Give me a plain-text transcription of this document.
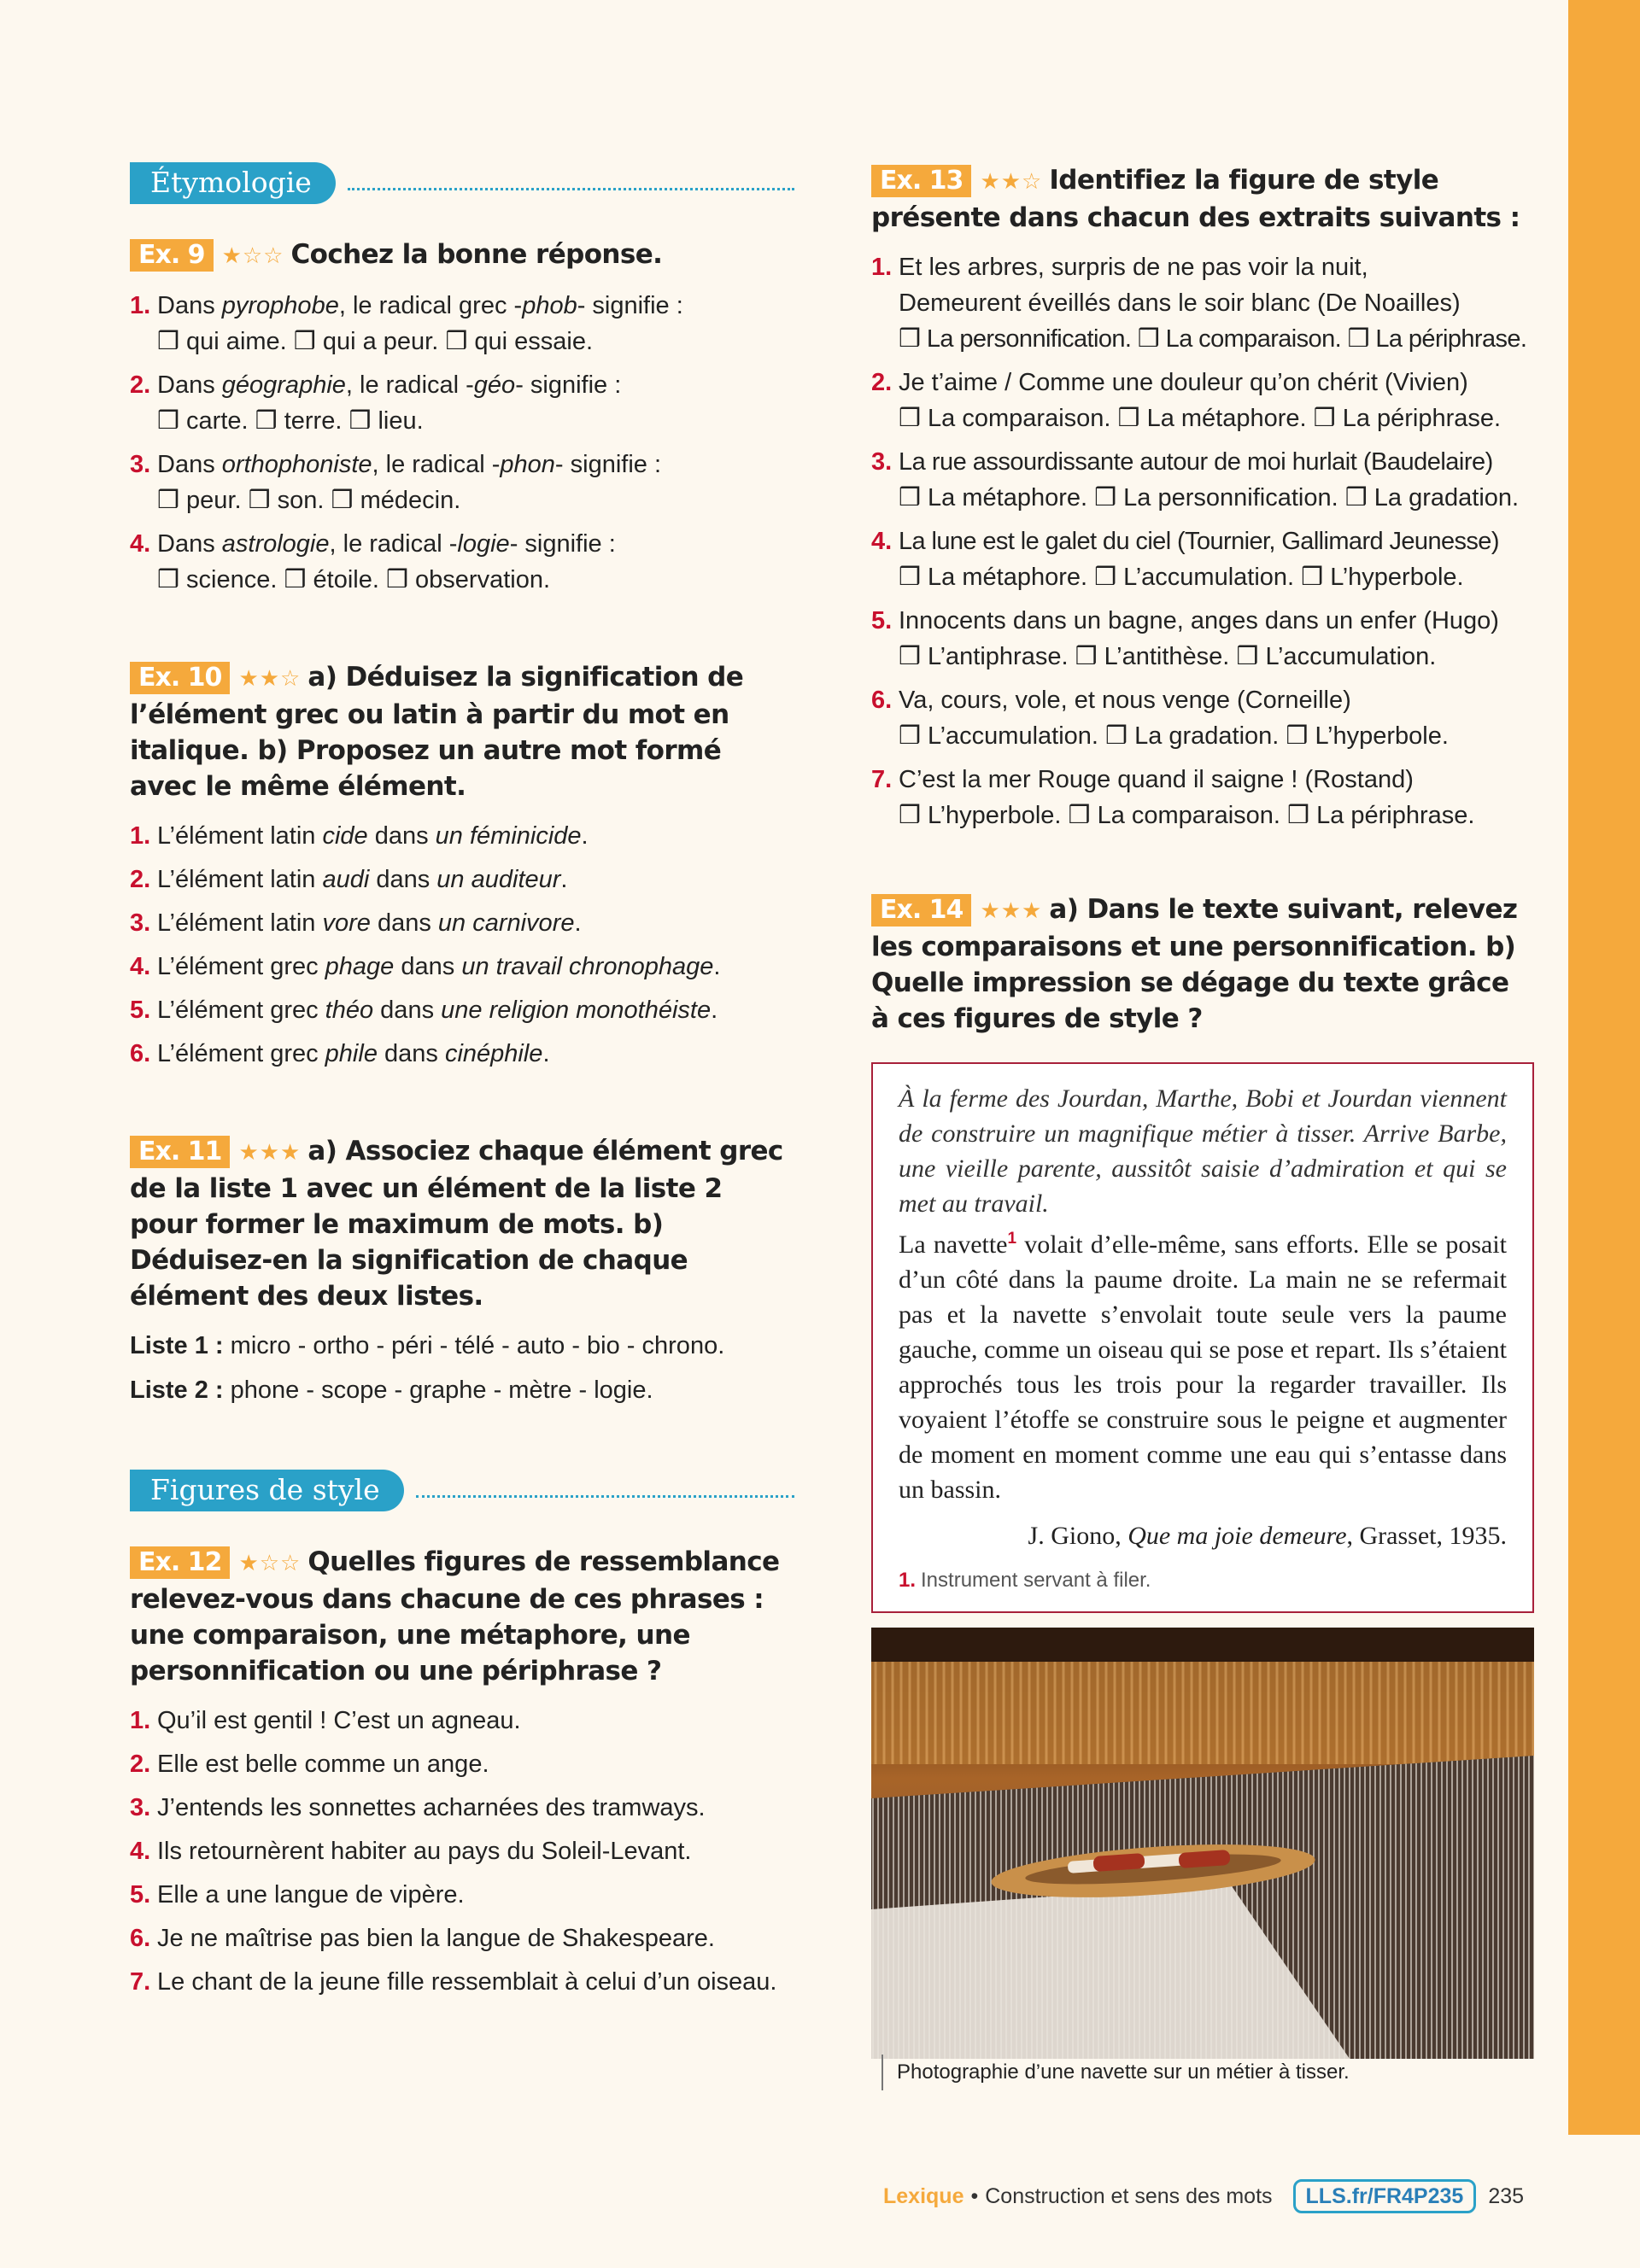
Étymologie
Ex. 9 ★☆☆ Cochez la bonne réponse.
1. Dans pyrophobe, le radical grec -phob- signifie :
❒ qui aime. ❒ qui a peur. ❒ qui essaie.
2. Dans géographie, le radical -géo- signifie :
❒ carte. ❒ terre. ❒ lieu.
3. Dans orthophoniste, le radical -phon- signifie :
❒ peur. ❒ son. ❒ médecin.
4. Dans astrologie, le radical -logie- signifie :
❒ science. ❒ étoile. ❒ observation.
Ex. 10 ★★☆ a) Déduisez la signification de l’élément grec ou latin à partir du mot en italique. b) Proposez un autre mot formé avec le même élément.
1. L’élément latin cide dans un féminicide.
2. L’élément latin audi dans un auditeur.
3. L’élément latin vore dans un carnivore.
4. L’élément grec phage dans un travail chronophage.
5. L’élément grec théo dans une religion monothéiste.
6. L’élément grec phile dans cinéphile.
Ex. 11 ★★★ a) Associez chaque élément grec de la liste 1 avec un élément de la liste 2 pour former le maximum de mots. b) Déduisez-en la signification de chaque élément des deux listes.
Liste 1 : micro - ortho - péri - télé - auto - bio - chrono.
Liste 2 : phone - scope - graphe - mètre - logie.
Figures de style
Ex. 12 ★☆☆ Quelles figures de ressemblance relevez-vous dans chacune de ces phrases : une comparaison, une métaphore, une personnification ou une périphrase ?
1. Qu’il est gentil ! C’est un agneau.
2. Elle est belle comme un ange.
3. J’entends les sonnettes acharnées des tramways.
4. Ils retournèrent habiter au pays du Soleil-Levant.
5. Elle a une langue de vipère.
6. Je ne maîtrise pas bien la langue de Shakespeare.
7. Le chant de la jeune fille ressemblait à celui d’un oiseau.
Ex. 13 ★★☆ Identifiez la figure de style présente dans chacun des extraits suivants :
1. Et les arbres, surpris de ne pas voir la nuit,
Demeurent éveillés dans le soir blanc (De Noailles)
❒ La personnification. ❒ La comparaison. ❒ La périphrase.
2. Je t’aime / Comme une douleur qu’on chérit (Vivien)
❒ La comparaison. ❒ La métaphore. ❒ La périphrase.
3. La rue assourdissante autour de moi hurlait (Baudelaire)
❒ La métaphore. ❒ La personnification. ❒ La gradation.
4. La lune est le galet du ciel (Tournier, Gallimard Jeunesse)
❒ La métaphore. ❒ L’accumulation. ❒ L’hyperbole.
5. Innocents dans un bagne, anges dans un enfer (Hugo)
❒ L’antiphrase. ❒ L’antithèse. ❒ L’accumulation.
6. Va, cours, vole, et nous venge (Corneille)
❒ L’accumulation. ❒ La gradation. ❒ L’hyperbole.
7. C’est la mer Rouge quand il saigne ! (Rostand)
❒ L’hyperbole. ❒ La comparaison. ❒ La périphrase.
Ex. 14 ★★★ a) Dans le texte suivant, relevez les comparaisons et une personnification. b) Quelle impression se dégage du texte grâce à ces figures de style ?
À la ferme des Jourdan, Marthe, Bobi et Jourdan viennent de construire un magnifique métier à tisser. Arrive Barbe, une vieille parente, aussitôt saisie d’admiration et qui se met au travail.
La navette$^1$ volait d’elle-même, sans efforts. Elle se posait d’un côté dans la paume droite. La main ne se refermait pas et la navette s’envolait toute seule vers la paume gauche, comme un oiseau qui se pose et repart. Ils s’étaient approchés tous les trois pour la regarder travailler. Ils voyaient l’étoffe se construire sous le peigne et augmenter de moment en moment comme une eau qui s’entasse dans un bassin.
J. Giono, Que ma joie demeure, Grasset, 1935.
1. Instrument servant à filer.
Photographie d’une navette sur un métier à tisser.
Lexique • Construction et sens des mots	LLS.fr/FR4P235	235
